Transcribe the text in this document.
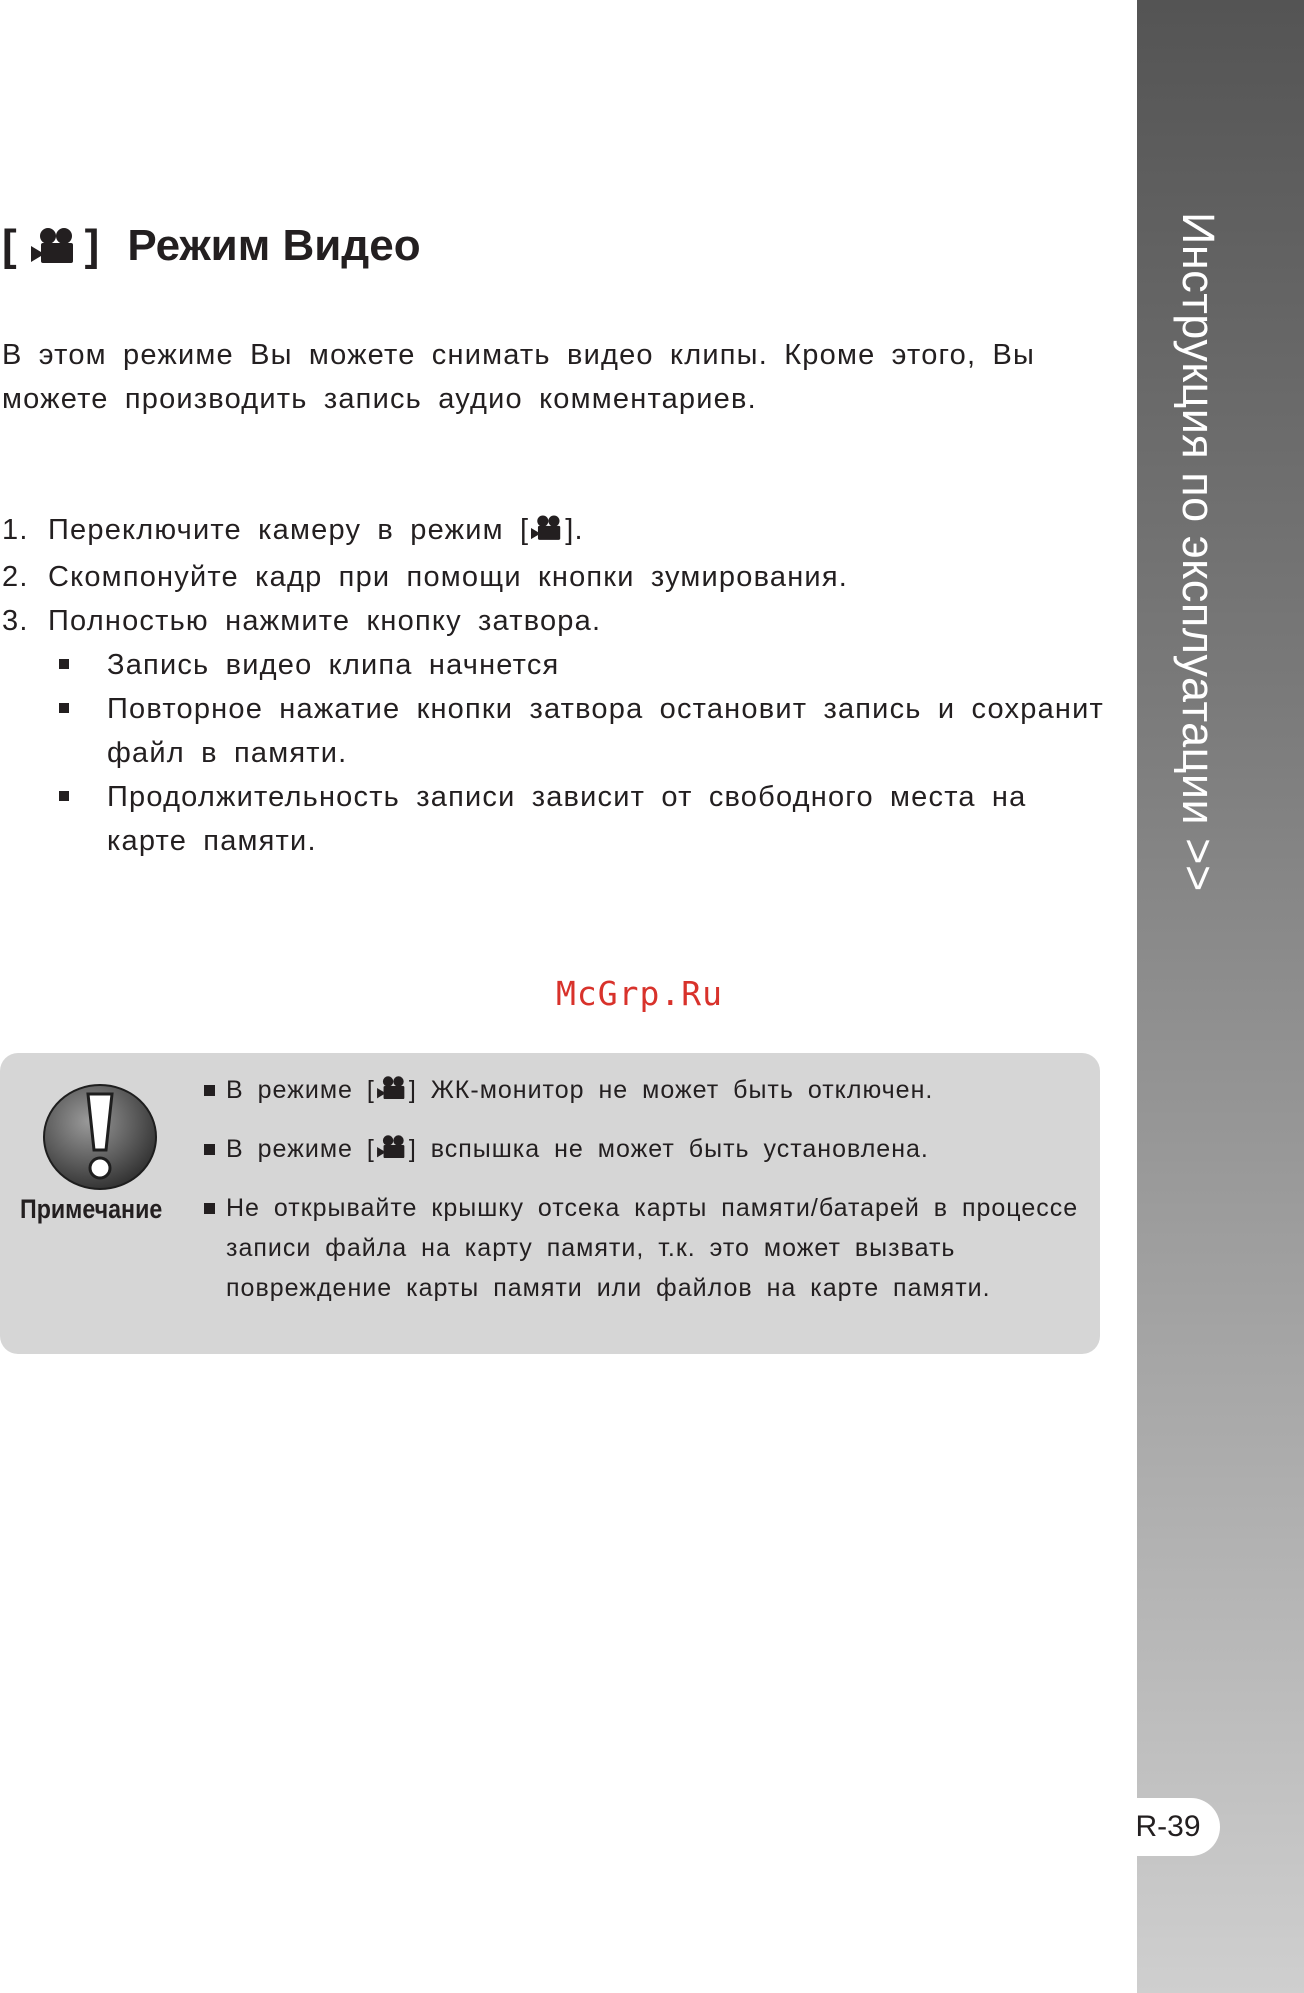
Инструкция по эксплуатации >>
R-39
[ ] Режим Видео

В этом режиме Вы можете снимать видео клипы. Кроме этого, Вы можете производить запись аудио комментариев.

1. Переключите камеру в режим [ ].
2. Скомпонуйте кадр при помощи кнопки зумирования.
3. Полностью нажмите кнопку затвора.
Запись видео клипа начнется
Повторное нажатие кнопки затвора остановит запись и сохранит файл в памяти.
Продолжительность записи зависит от свободного места на карте памяти.
McGrp.Ru
Примечание
В режиме [ ] ЖК-монитор не может быть отключен.
В режиме [ ] вспышка не может быть установлена.
Не открывайте крышку отсека карты памяти/батарей в процессе записи файла на карту памяти, т.к. это может вызвать повреждение карты памяти или файлов на карте памяти.
